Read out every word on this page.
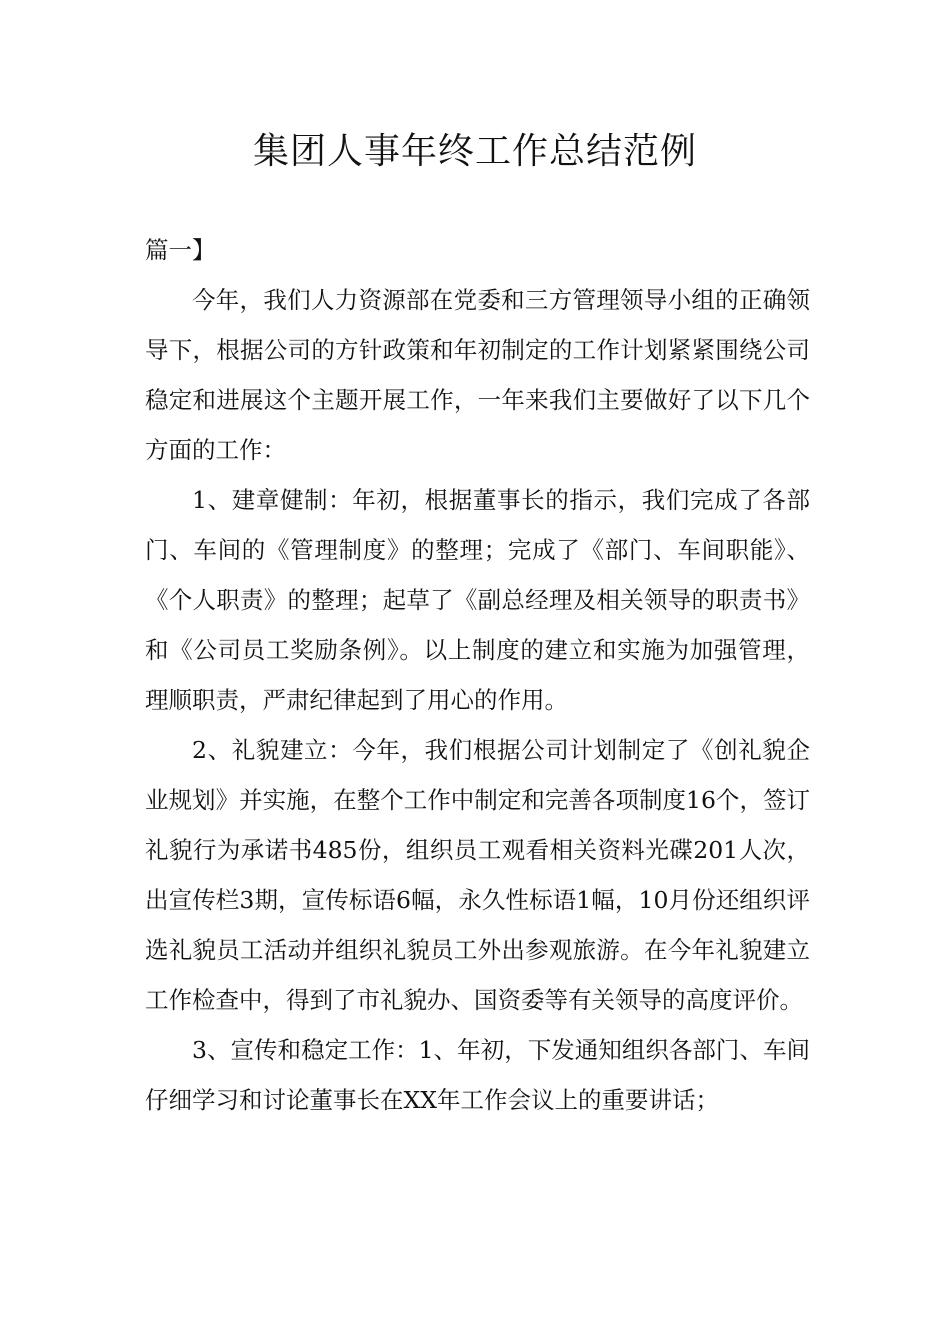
集团人事年终工作总结范例

篇一】

今年，我们人力资源部在党委和三方管理领导小组的正确领导下，根据公司的方针政策和年初制定的工作计划紧紧围绕公司稳定和进展这个主题开展工作，一年来我们主要做好了以下几个方面的工作：

1、建章健制：年初，根据董事长的指示，我们完成了各部门、车间的《管理制度》的整理；完成了《部门、车间职能》、《个人职责》的整理；起草了《副总经理及相关领导的职责书》和《公司员工奖励条例》。以上制度的建立和实施为加强管理，理顺职责，严肃纪律起到了用心的作用。

2、礼貌建立：今年，我们根据公司计划制定了《创礼貌企业规划》并实施，在整个工作中制定和完善各项制度16个，签订礼貌行为承诺书485份，组织员工观看相关资料光碟201人次，出宣传栏3期，宣传标语6幅，永久性标语1幅，10月份还组织评选礼貌员工活动并组织礼貌员工外出参观旅游。在今年礼貌建立工作检查中，得到了市礼貌办、国资委等有关领导的高度评价。

3、宣传和稳定工作：1、年初，下发通知组织各部门、车间仔细学习和讨论董事长在XX年工作会议上的重要讲话；
